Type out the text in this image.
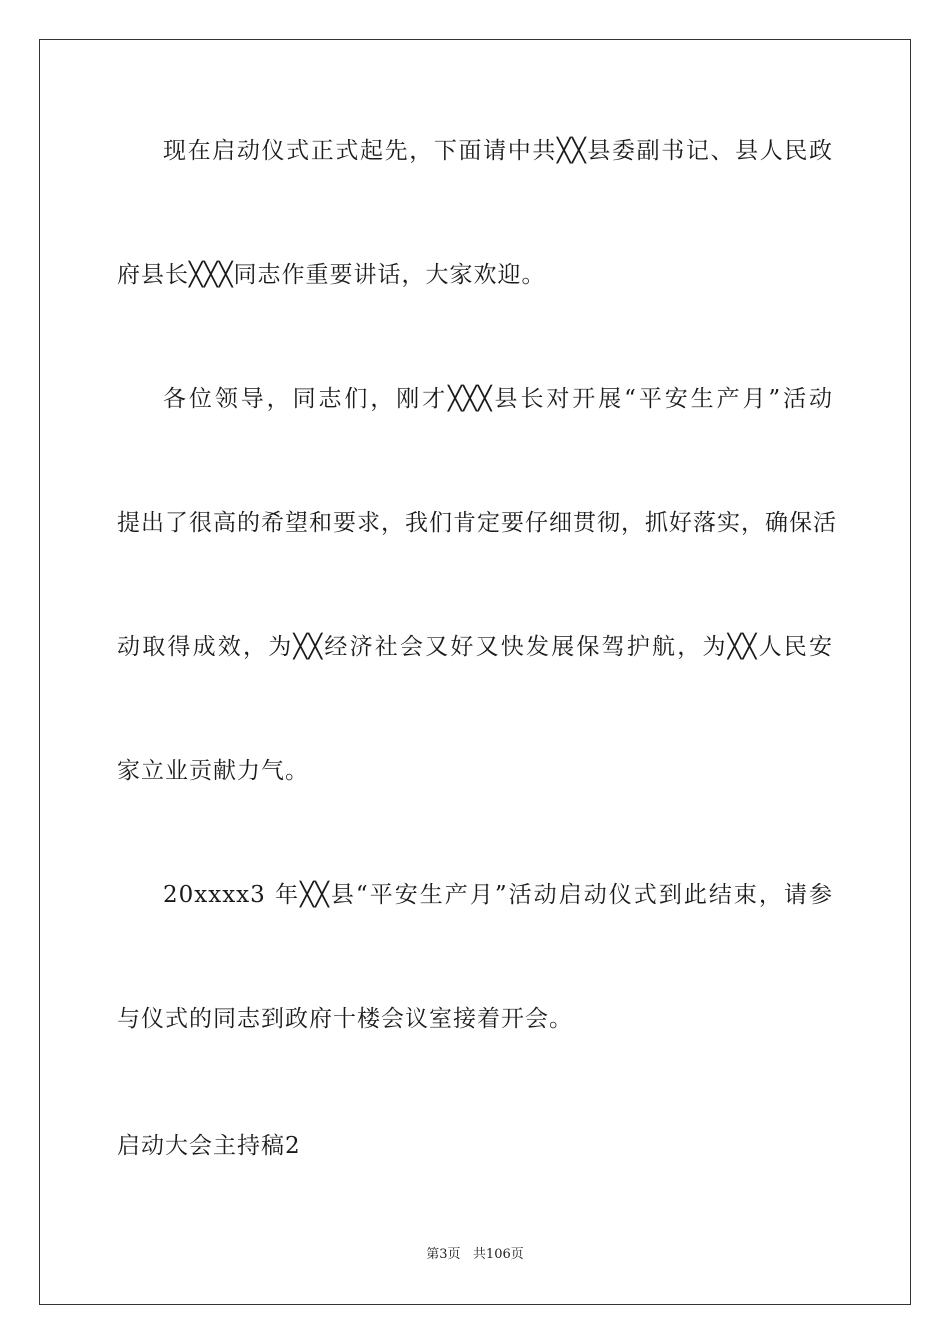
现在启动仪式正式起先，下面请中共╳╳县委副书记、县人民政
府县长╳╳╳同志作重要讲话，大家欢迎。
各位领导，同志们，刚才╳╳╳县长对开展“平安生产月”活动
提出了很高的希望和要求，我们肯定要仔细贯彻，抓好落实，确保活
动取得成效，为╳╳经济社会又好又快发展保驾护航，为╳╳人民安
家立业贡献力气。
20xxxx3 年╳╳县“平安生产月”活动启动仪式到此结束，请参
与仪式的同志到政府十楼会议室接着开会。
启动大会主持稿2
第3页 共106页
